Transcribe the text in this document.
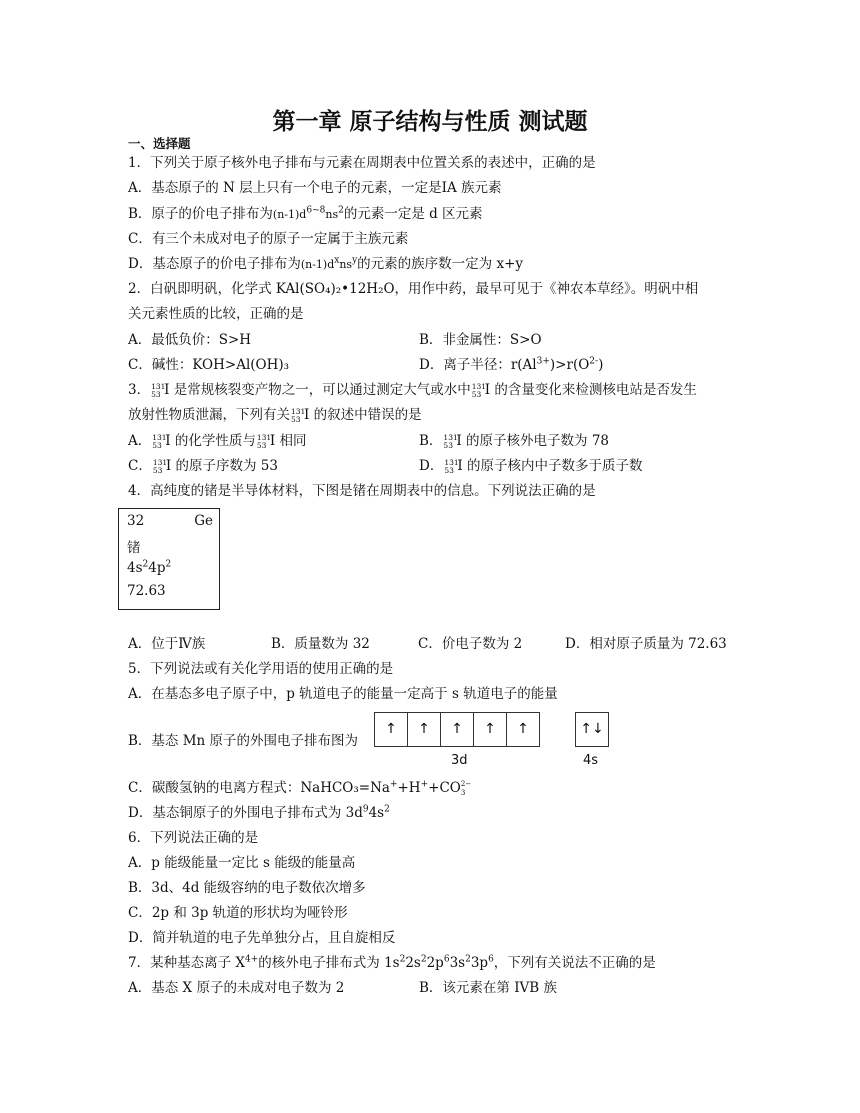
第一章 原子结构与性质 测试题
一、选择题
1．下列关于原子核外电子排布与元素在周期表中位置关系的表述中，正确的是
A．基态原子的 N 层上只有一个电子的元素，一定是ⅠA 族元素
B．原子的价电子排布为$(n-1)d^{6\sim 8}ns^2$的元素一定是 d 区元素
C．有三个未成对电子的原子一定属于主族元素
D．基态原子的价电子排布为$(n-1)d^xns^y$的元素的族序数一定为 x+y
2．白矾即明矾，化学式 KAl(SO₄)₂•12H₂O，用作中药，最早可见于《神农本草经》。明矾中相
关元素性质的比较，正确的是
A．最低负价：S>H	B．非金属性：S>O
C．碱性：KOH>Al(OH)₃	D．离子半径：$r(Al^{3+})>r(O^{2-})$
3． 131
53 I 是常规核裂变产物之一，可以通过测定大气或水中 131
53 I 的含量变化来检测核电站是否发生
放射性物质泄漏，下列有关 131
53 I 的叙述中错误的是
A． 131
53 I 的化学性质与 131
53 I 相同	B． 131
53 I 的原子核外电子数为 78
C． 131
53 I 的原子序数为 53	D． 131
53 I 的原子核内中子数多于质子数
4．高纯度的锗是半导体材料，下图是锗在周期表中的信息。下列说法正确的是
32	Ge
锗
$4s^24p^2$
72.63
A．位于Ⅳ族	B．质量数为 32	C．价电子数为 2	D．相对原子质量为 72.63
5．下列说法或有关化学用语的使用正确的是
A．在基态多电子原子中，p 轨道电子的能量一定高于 s 轨道电子的能量
B．基态 Mn 原子的外围电子排布图为
↑	↑	↑	↑	↑	↑↓
3d	4s
C．碳酸氢钠的电离方程式：NaHCO₃=Na++H++CO 2−
3
D．基态铜原子的外围电子排布式为 $3d^94s^2$
6．下列说法正确的是
A．p 能级能量一定比 s 能级的能量高
B．3d、4d 能级容纳的电子数依次增多
C．2p 和 3p 轨道的形状均为哑铃形
D．简并轨道的电子先单独分占，且自旋相反
7．某种基态离子 $X^{4+}$的核外电子排布式为 $1s^22s^22p^63s^23p^6$，下列有关说法不正确的是
A．基态 X 原子的未成对电子数为 2	B．该元素在第 IVB 族
